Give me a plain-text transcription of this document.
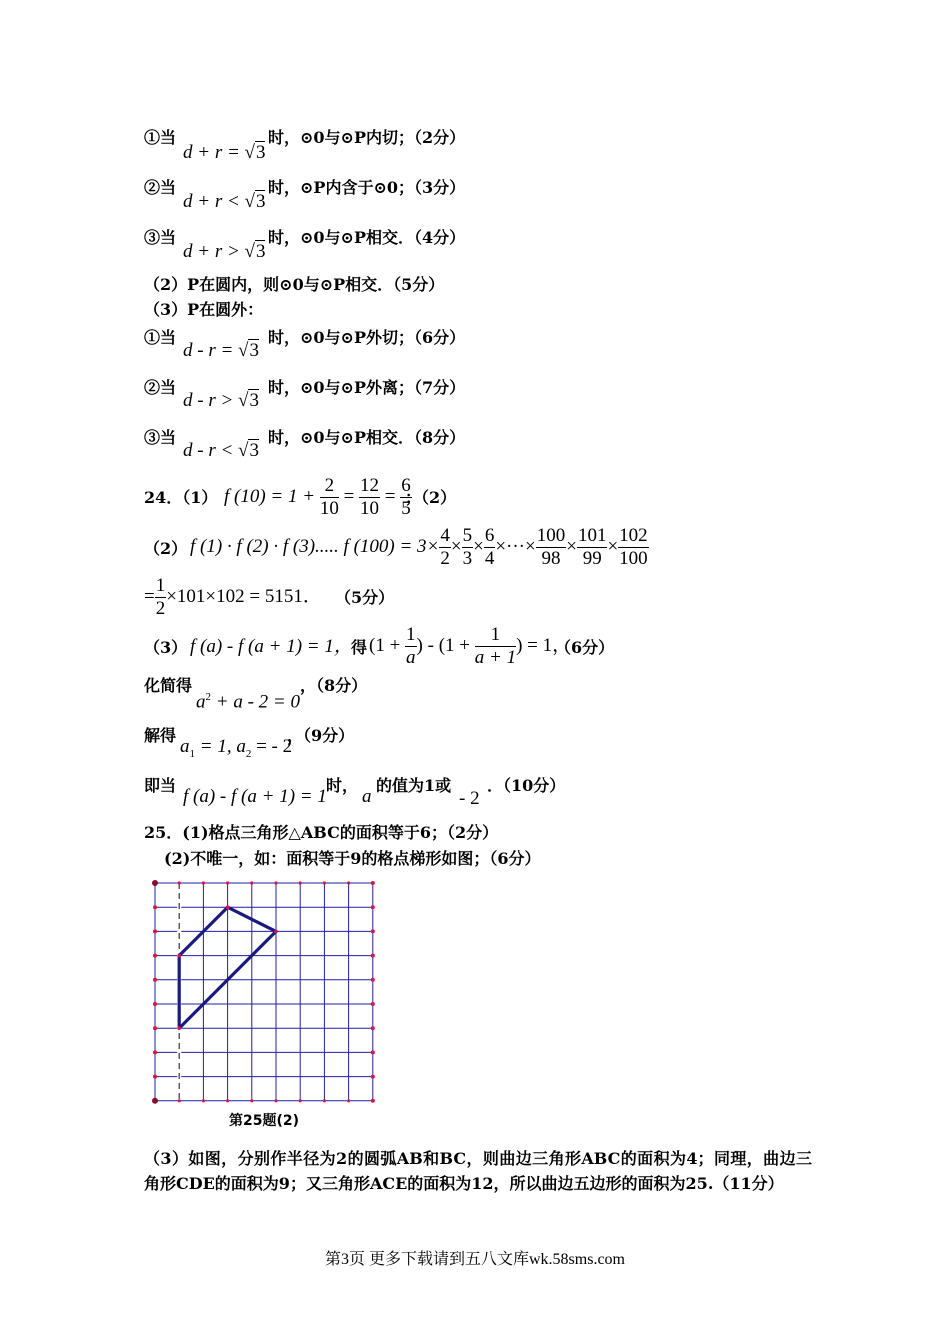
①当
d + r = √3
时，⊙0与⊙P内切；（2分）
②当
d + r < √3
时，⊙P内含于⊙0；（3分）
③当
d + r > √3
时，⊙0与⊙P相交．（4分）
（2）P在圆内，则⊙0与⊙P相交．（5分）
（3）P在圆外：
①当
d - r = √3
时，⊙0与⊙P外切；（6分）
②当
d - r > √3
时，⊙0与⊙P外离；（7分）
③当
d - r < √3
时，⊙0与⊙P相交．（8分）
24．（1） f $(10) = 1 + \frac{2}{10} = \frac{12}{10} = \frac{6}{5}$
；（2）
（2） f (1) · f (2) · f (3)..... f $(100) = 3\times \frac{4}{2} \times \frac{5}{3} \times \frac{6}{4}$ ×···× $\frac{100}{98} \times \frac{101}{99} \times \frac{102}{100}$
= $\frac{1}{2} \times 101\times 102 = 5151$． （5分）
（3） f (a) - f (a + 1) = 1，
得 ($1 + \frac{1}{a}$ ) - ($1 + \frac{1}{a + 1}$ ) = 1，
（6分）
化简得
$a^2 + a - 2 = 0$
，（8分）
解得
$a_1 = 1$, $a_2$ = - 2
，（9分）
即当
f (a) - f (a + 1) = 1
时，
a
的值为1或
- 2
．（10分）
25．(1)格点三角形△ABC的面积等于6；（2分）
(2)不唯一，如：面积等于9的格点梯形如图；（6分）
第25题(2)
（3）如图，分别作半径为2的圆弧AB和BC，则曲边三角形ABC的面积为4；同理，曲边三角形CDE的面积为9；又三角形ACE的面积为12，所以曲边五边形的面积为25.（11分）
第3页 更多下载请到五八文库wk.58sms.com
